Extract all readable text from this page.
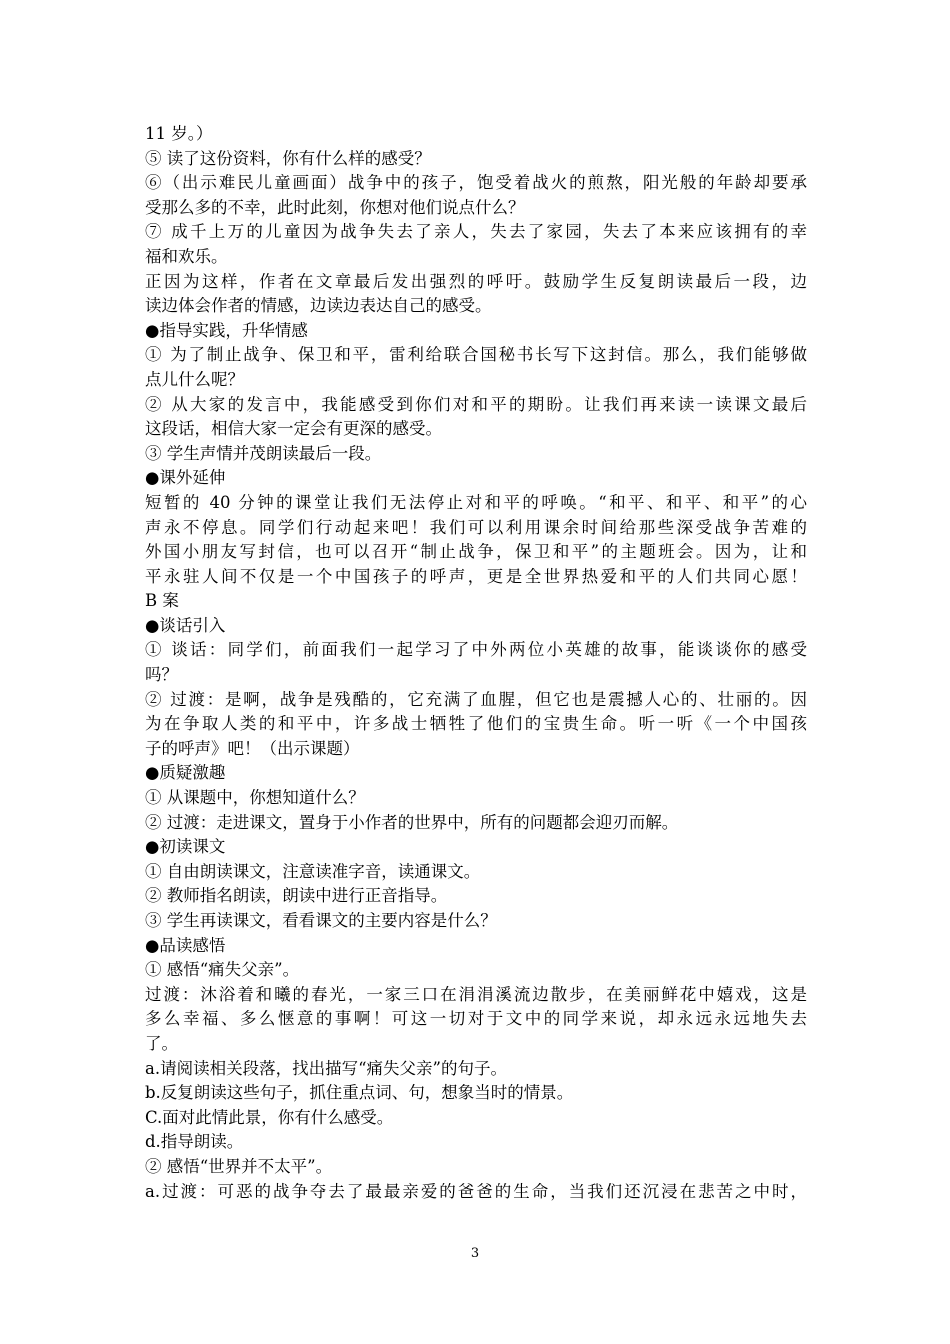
11 岁。）
⑤ 读了这份资料，你有什么样的感受？
⑥（出示难民儿童画面）战争中的孩子，饱受着战火的煎熬，阳光般的年龄却要承
受那么多的不幸，此时此刻，你想对他们说点什么？
⑦ 成千上万的儿童因为战争失去了亲人，失去了家园，失去了本来应该拥有的幸
福和欢乐。
正因为这样，作者在文章最后发出强烈的呼吁。鼓励学生反复朗读最后一段，边
读边体会作者的情感，边读边表达自己的感受。
●指导实践，升华情感
① 为了制止战争、保卫和平，雷利给联合国秘书长写下这封信。那么，我们能够做
点儿什么呢？
② 从大家的发言中，我能感受到你们对和平的期盼。让我们再来读一读课文最后
这段话，相信大家一定会有更深的感受。
③ 学生声情并茂朗读最后一段。
●课外延伸
短暂的 40 分钟的课堂让我们无法停止对和平的呼唤。“和平、和平、和平”的心
声永不停息。同学们行动起来吧！我们可以利用课余时间给那些深受战争苦难的
外国小朋友写封信，也可以召开“制止战争，保卫和平”的主题班会。因为，让和
平永驻人间不仅是一个中国孩子的呼声，更是全世界热爱和平的人们共同心愿！
B 案
●谈话引入
① 谈话：同学们，前面我们一起学习了中外两位小英雄的故事，能谈谈你的感受
吗？
② 过渡：是啊，战争是残酷的，它充满了血腥，但它也是震撼人心的、壮丽的。因
为在争取人类的和平中，许多战士牺牲了他们的宝贵生命。听一听《一个中国孩
子的呼声》吧！（出示课题）
●质疑激趣
① 从课题中，你想知道什么？
② 过渡：走进课文，置身于小作者的世界中，所有的问题都会迎刃而解。
●初读课文
① 自由朗读课文，注意读准字音，读通课文。
② 教师指名朗读，朗读中进行正音指导。
③ 学生再读课文，看看课文的主要内容是什么？
●品读感悟
① 感悟“痛失父亲”。
过渡：沐浴着和曦的春光，一家三口在涓涓溪流边散步，在美丽鲜花中嬉戏，这是
多么幸福、多么惬意的事啊！可这一切对于文中的同学来说，却永远永远地失去
了。
a.请阅读相关段落，找出描写“痛失父亲”的句子。
b.反复朗读这些句子，抓住重点词、句，想象当时的情景。
C.面对此情此景，你有什么感受。
d.指导朗读。
② 感悟“世界并不太平”。
a.过渡：可恶的战争夺去了最最亲爱的爸爸的生命，当我们还沉浸在悲苦之中时，
3
